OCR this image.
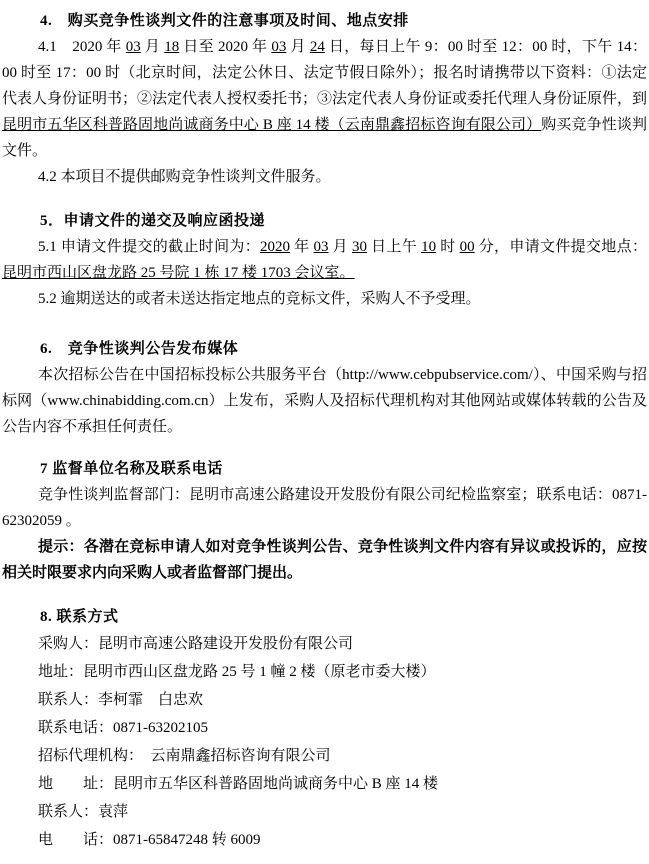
4.　购买竞争性谈判文件的注意事项及时间、地点安排

4.1　2020 年 03 月 18 日至 2020 年 03 月 24 日，每日上午 9：00 时至 12：00 时，下午 14：00 时至 17：00 时（北京时间，法定公休日、法定节假日除外）；报名时请携带以下资料：①法定代表人身份证明书；②法定代表人授权委托书；③法定代表人身份证或委托代理人身份证原件，到昆明市五华区科普路固地尚诚商务中心 B 座 14 楼（云南鼎鑫招标咨询有限公司）购买竞争性谈判文件。

4.2 本项目不提供邮购竞争性谈判文件服务。

5．申请文件的递交及响应函投递

5.1 申请文件提交的截止时间为：2020 年 03 月 30 日上午 10 时 00 分，申请文件提交地点：昆明市西山区盘龙路 25 号院 1 栋 17 楼 1703 会议室。

5.2 逾期送达的或者未送达指定地点的竞标文件，采购人不予受理。

6.　竞争性谈判公告发布媒体

本次招标公告在中国招标投标公共服务平台（http://www.cebpubservice.com/）、中国采购与招标网（www.chinabidding.com.cn）上发布，采购人及招标代理机构对其他网站或媒体转载的公告及公告内容不承担任何责任。

7 监督单位名称及联系电话

竞争性谈判监督部门：昆明市高速公路建设开发股份有限公司纪检监察室；联系电话：0871-62302059 。

提示：各潜在竞标申请人如对竞争性谈判公告、竞争性谈判文件内容有异议或投诉的，应按相关时限要求内向采购人或者监督部门提出。

8. 联系方式

采购人：昆明市高速公路建设开发股份有限公司

地址：昆明市西山区盘龙路 25 号 1 幢 2 楼（原老市委大楼）

联系人：李柯霏　白忠欢

联系电话：0871-63202105

招标代理机构：　云南鼎鑫招标咨询有限公司

地　　址：昆明市五华区科普路固地尚诚商务中心 B 座 14 楼

联系人：袁萍

电　　话：0871-65847248 转 6009
